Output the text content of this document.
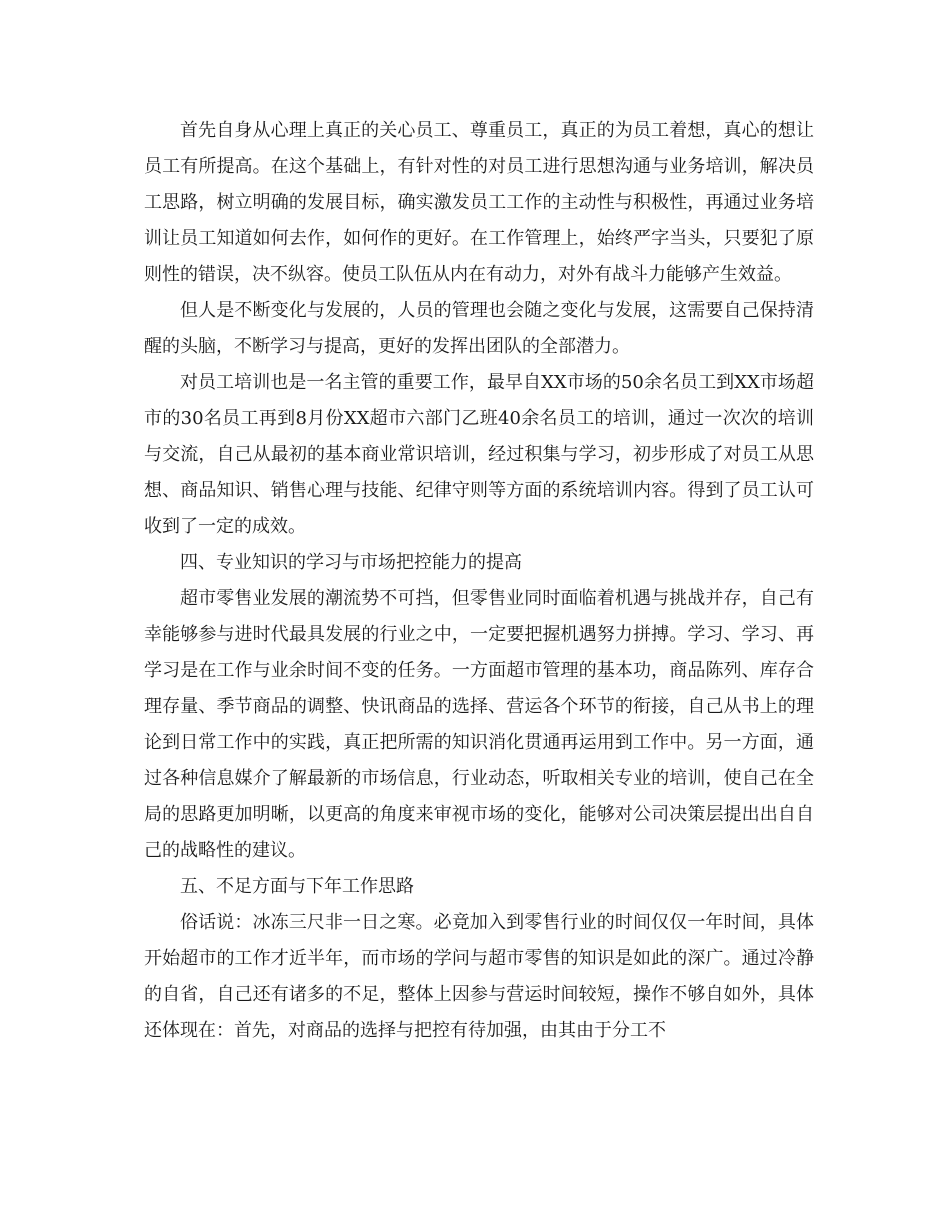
首先自身从心理上真正的关心员工、尊重员工，真正的为员工着想，真心的想让员工有所提高。在这个基础上，有针对性的对员工进行思想沟通与业务培训，解决员工思路，树立明确的发展目标，确实激发员工工作的主动性与积极性，再通过业务培训让员工知道如何去作，如何作的更好。在工作管理上，始终严字当头，只要犯了原则性的错误，决不纵容。使员工队伍从内在有动力，对外有战斗力能够产生效益。

但人是不断变化与发展的，人员的管理也会随之变化与发展，这需要自己保持清醒的头脑，不断学习与提高，更好的发挥出团队的全部潜力。

对员工培训也是一名主管的重要工作，最早自XX市场的50余名员工到XX市场超市的30名员工再到8月份XX超市六部门乙班40余名员工的培训，通过一次次的培训与交流，自己从最初的基本商业常识培训，经过积集与学习，初步形成了对员工从思想、商品知识、销售心理与技能、纪律守则等方面的系统培训内容。得到了员工认可收到了一定的成效。

四、专业知识的学习与市场把控能力的提高

超市零售业发展的潮流势不可挡，但零售业同时面临着机遇与挑战并存，自己有幸能够参与进时代最具发展的行业之中，一定要把握机遇努力拼搏。学习、学习、再学习是在工作与业余时间不变的任务。一方面超市管理的基本功，商品陈列、库存合理存量、季节商品的调整、快讯商品的选择、营运各个环节的衔接，自己从书上的理论到日常工作中的实践，真正把所需的知识消化贯通再运用到工作中。另一方面，通过各种信息媒介了解最新的市场信息，行业动态，听取相关专业的培训，使自己在全局的思路更加明晰，以更高的角度来审视市场的变化，能够对公司决策层提出出自自己的战略性的建议。

五、不足方面与下年工作思路

俗话说：冰冻三尺非一日之寒。必竟加入到零售行业的时间仅仅一年时间，具体开始超市的工作才近半年，而市场的学问与超市零售的知识是如此的深广。通过冷静的自省，自己还有诸多的不足，整体上因参与营运时间较短，操作不够自如外，具体还体现在：首先，对商品的选择与把控有待加强，由其由于分工不
